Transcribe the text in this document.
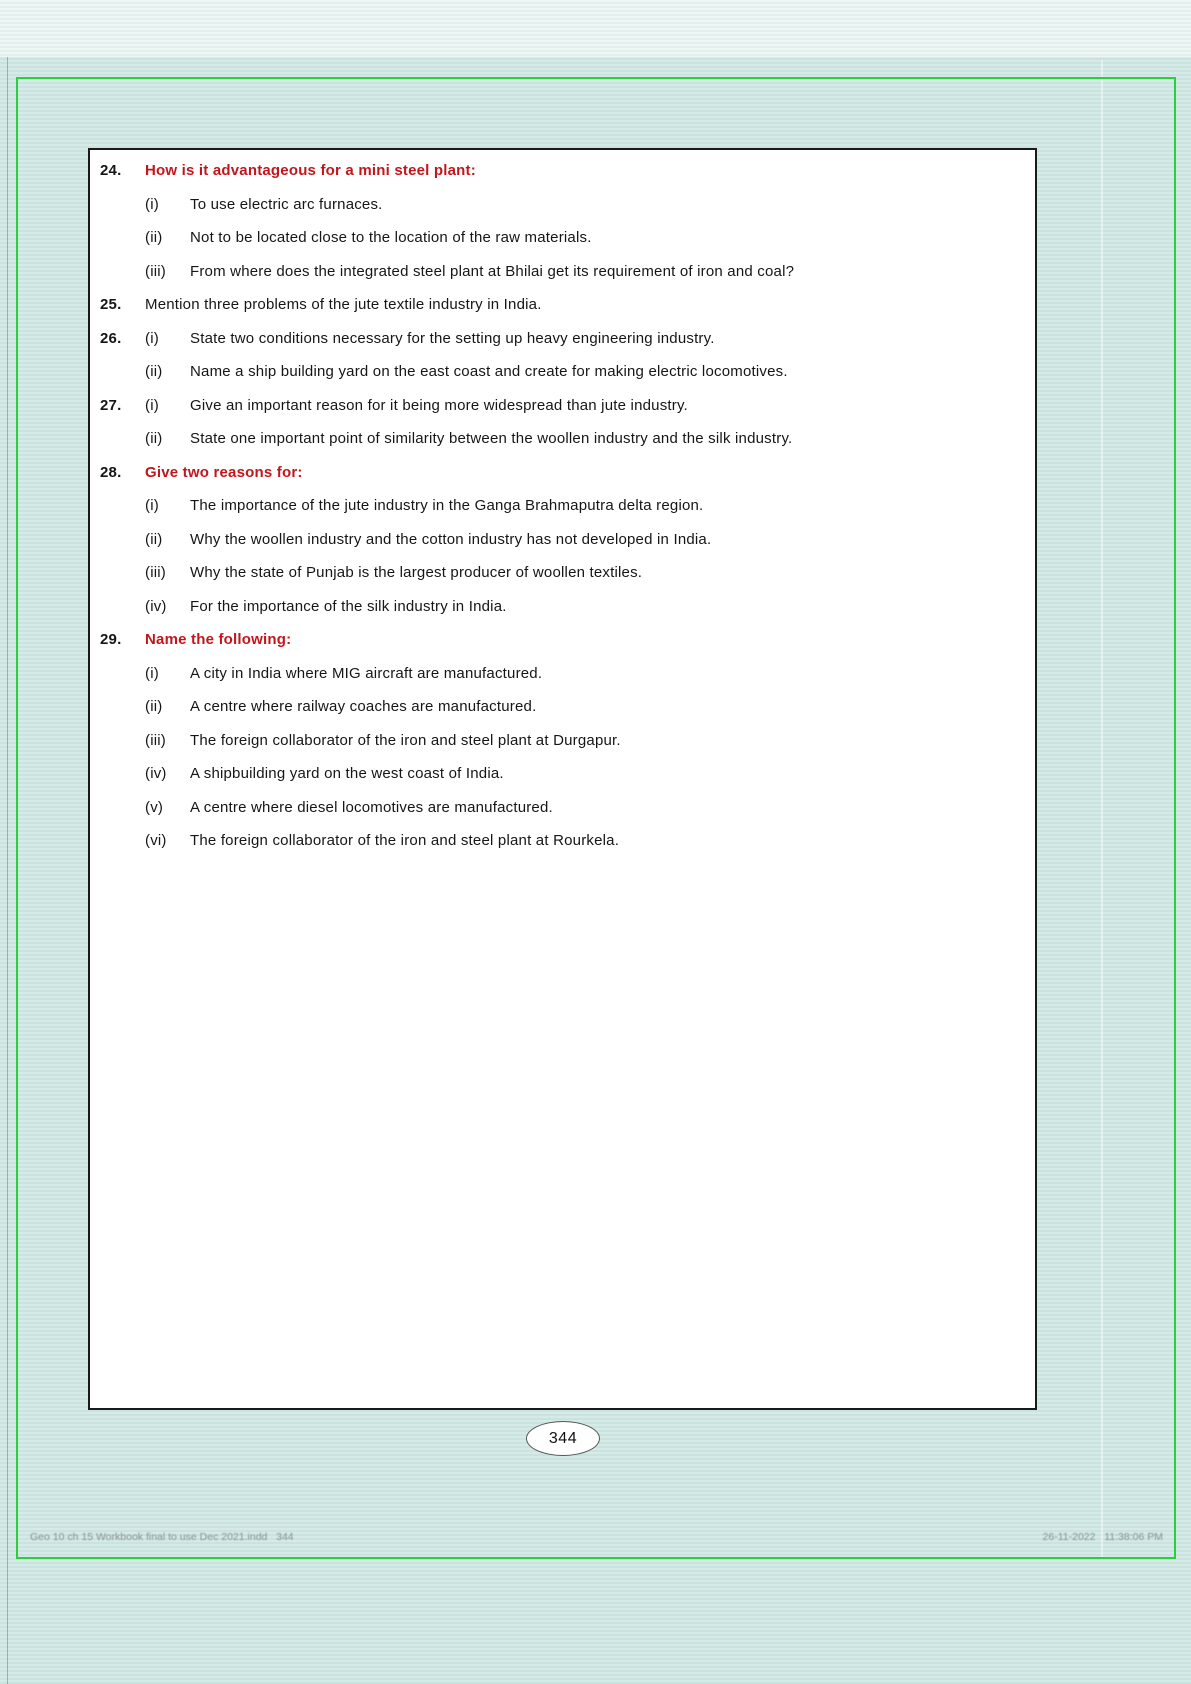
24.	How is it advantageous for a mini steel plant:
(i)	To use electric arc furnaces.
(ii)	Not to be located close to the location of the raw materials.
(iii)	From where does the integrated steel plant at Bhilai get its requirement of iron and coal?
25.	Mention three problems of the jute textile industry in India.
26.	(i)	State two conditions necessary for the setting up heavy engineering industry.
(ii)	Name a ship building yard on the east coast and create for making electric locomotives.
27.	(i)	Give an important reason for it being more widespread than jute industry.
(ii)	State one important point of similarity between the woollen industry and the silk industry.
28.	Give two reasons for:
(i)	The importance of the jute industry in the Ganga Brahmaputra delta region.
(ii)	Why the woollen industry and the cotton industry has not developed in India.
(iii)	Why the state of Punjab is the largest producer of woollen textiles.
(iv)	For the importance of the silk industry in India.
29.	Name the following:
(i)	A city in India where MIG aircraft are manufactured.
(ii)	A centre where railway coaches are manufactured.
(iii)	The foreign collaborator of the iron and steel plant at Durgapur.
(iv)	A shipbuilding yard on the west coast of India.
(v)	A centre where diesel locomotives are manufactured.
(vi)	The foreign collaborator of the iron and steel plant at Rourkela.
344
Geo 10 ch 15 Workbook final to use Dec 2021.indd   344	26-11-2022   11:38:06 PM
